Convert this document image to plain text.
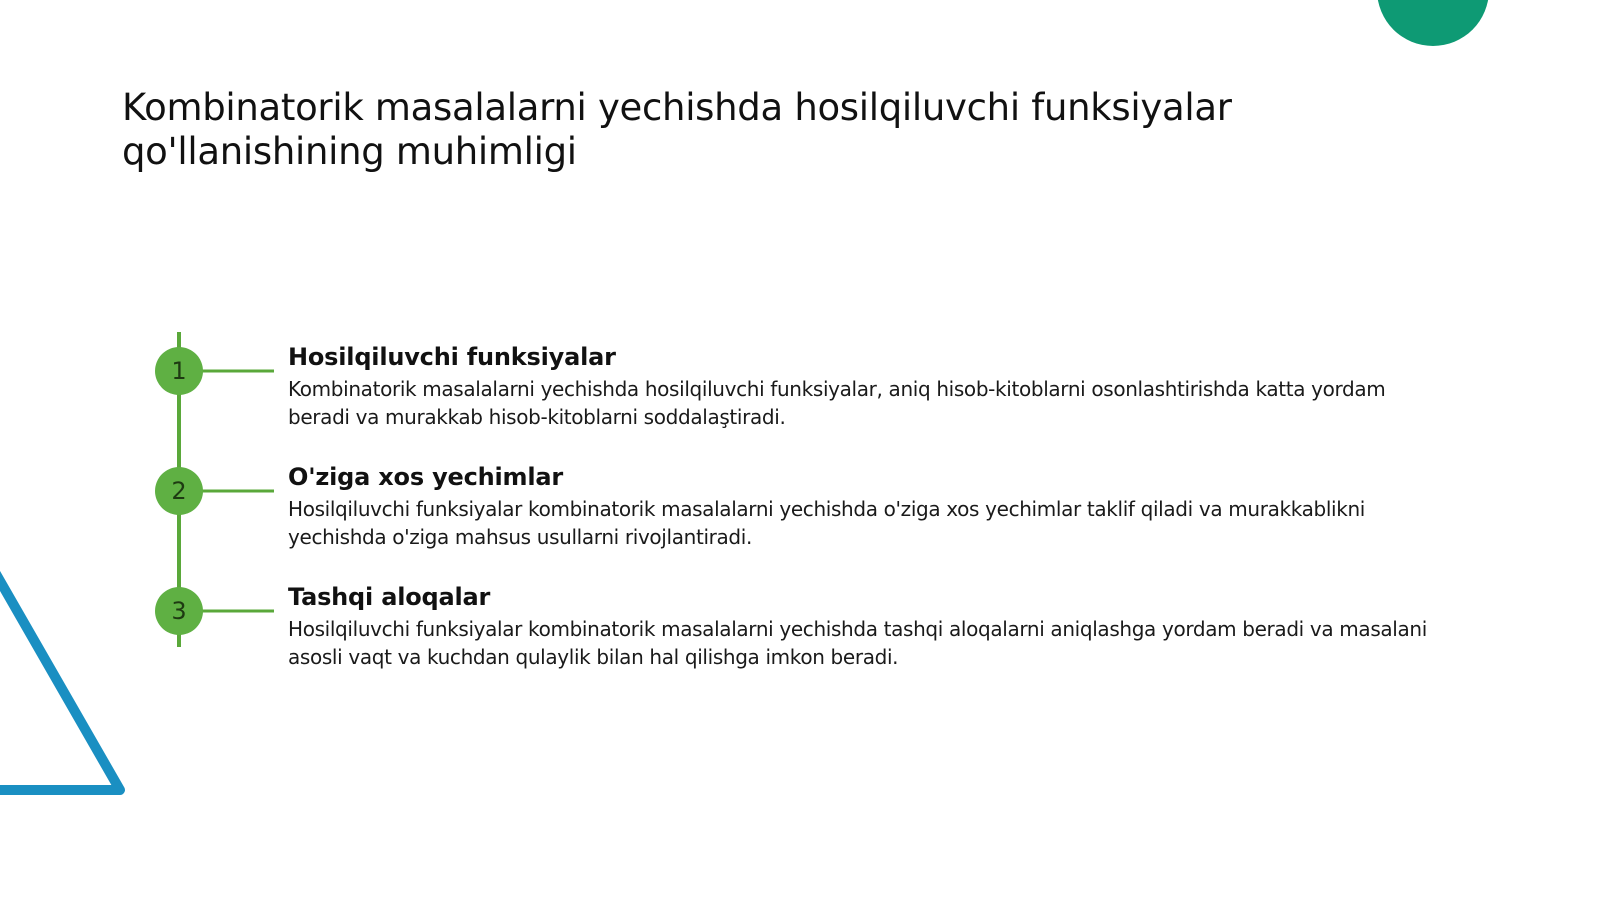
Kombinatorik masalalarni yechishda hosilqiluvchi funksiyalar qo'llanishining muhimligi
1
2
3
Hosilqiluvchi funksiyalar

Kombinatorik masalalarni yechishda hosilqiluvchi funksiyalar, aniq hisob-kitoblarni osonlashtirishda katta yordam beradi va murakkab hisob-kitoblarni soddalaştiradi.

O'ziga xos yechimlar

Hosilqiluvchi funksiyalar kombinatorik masalalarni yechishda o'ziga xos yechimlar taklif qiladi va murakkablikni yechishda o'ziga mahsus usullarni rivojlantiradi.

Tashqi aloqalar

Hosilqiluvchi funksiyalar kombinatorik masalalarni yechishda tashqi aloqalarni aniqlashga yordam beradi va masalani asosli vaqt va kuchdan qulaylik bilan hal qilishga imkon beradi.
